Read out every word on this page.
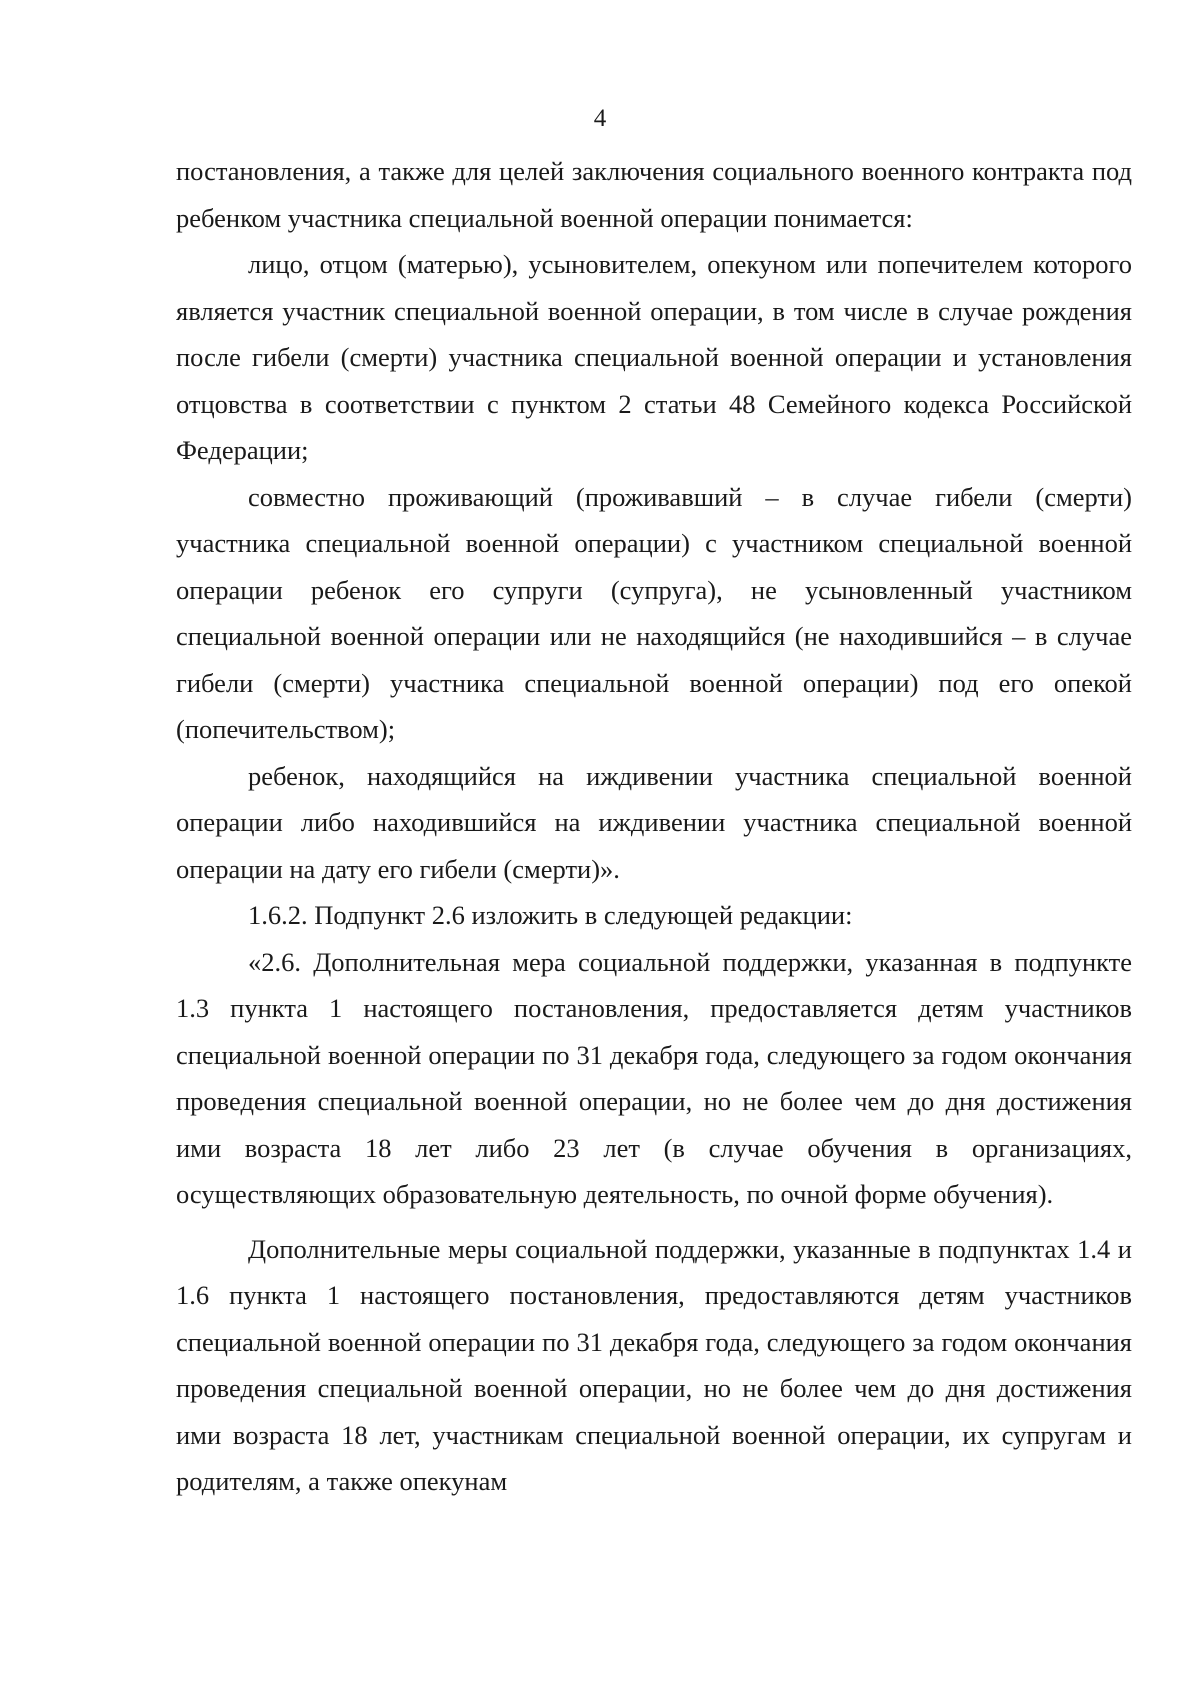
4

постановления, а также для целей заключения социального военного контракта под ребенком участника специальной военной операции понимается:

лицо, отцом (матерью), усыновителем, опекуном или попечителем которого является участник специальной военной операции, в том числе в случае рождения после гибели (смерти) участника специальной военной операции и установления отцовства в соответствии с пунктом 2 статьи 48 Семейного кодекса Российской Федерации;

совместно проживающий (проживавший – в случае гибели (смерти) участника специальной военной операции) с участником специальной военной операции ребенок его супруги (супруга), не усыновленный участником специальной военной операции или не находящийся (не находившийся – в случае гибели (смерти) участника специальной военной операции) под его опекой (попечительством);

ребенок, находящийся на иждивении участника специальной военной операции либо находившийся на иждивении участника специальной военной операции на дату его гибели (смерти)».

1.6.2. Подпункт 2.6 изложить в следующей редакции:

«2.6. Дополнительная мера социальной поддержки, указанная в подпункте 1.3 пункта 1 настоящего постановления, предоставляется детям участников специальной военной операции по 31 декабря года, следующего за годом окончания проведения специальной военной операции, но не более чем до дня достижения ими возраста 18 лет либо 23 лет (в случае обучения в организациях, осуществляющих образовательную деятельность, по очной форме обучения).

Дополнительные меры социальной поддержки, указанные в подпунктах 1.4 и 1.6 пункта 1 настоящего постановления, предоставляются детям участников специальной военной операции по 31 декабря года, следующего за годом окончания проведения специальной военной операции, но не более чем до дня достижения ими возраста 18 лет, участникам специальной военной операции, их супругам и родителям, а также опекунам
